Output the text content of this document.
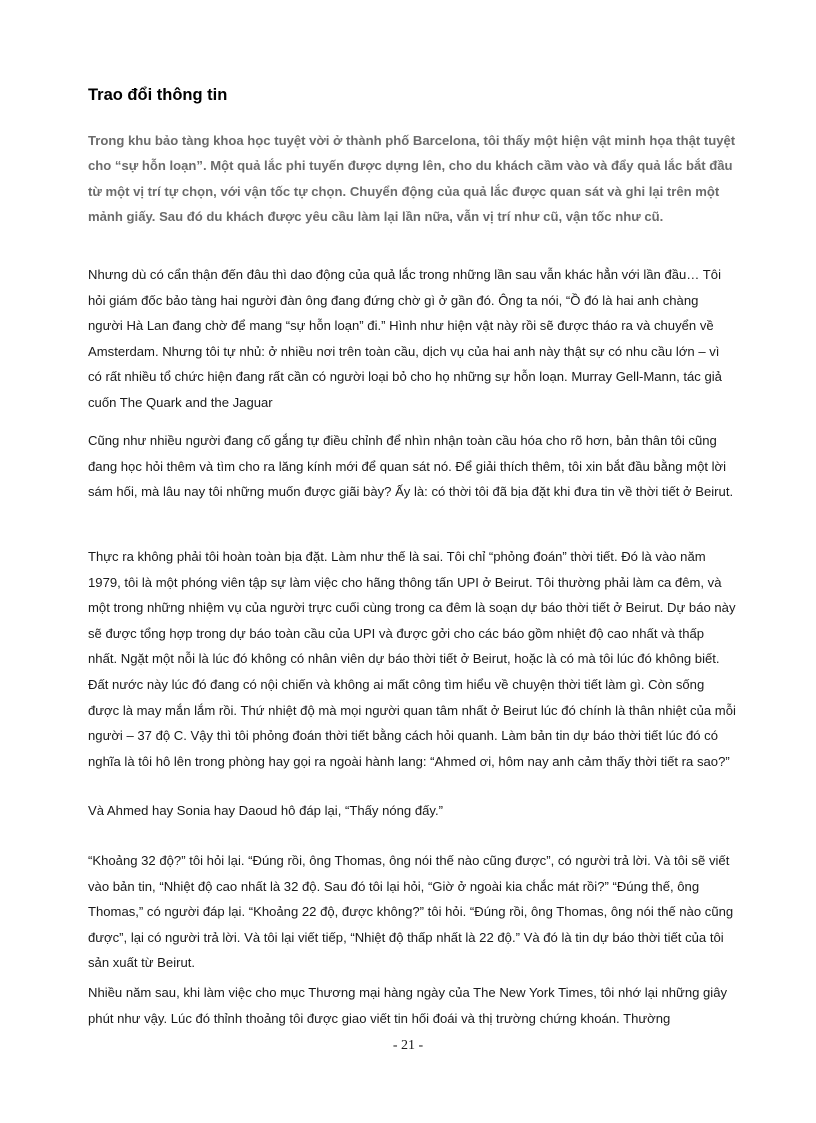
Trao đổi thông tin

Trong khu bảo tàng khoa học tuyệt vời ở thành phố Barcelona, tôi thấy một hiện vật minh họa thật tuyệt cho “sự hỗn loạn”. Một quả lắc phi tuyến được dựng lên, cho du khách cầm vào và đẩy quả lắc bắt đầu từ một vị trí tự chọn, với vận tốc tự chọn. Chuyển động của quả lắc được quan sát và ghi lại trên một mảnh giấy. Sau đó du khách được yêu cầu làm lại lần nữa, vẫn vị trí như cũ, vận tốc như cũ.

Nhưng dù có cẩn thận đến đâu thì dao động của quả lắc trong những lần sau vẫn khác hẳn với lần đầu… Tôi hỏi giám đốc bảo tàng hai người đàn ông đang đứng chờ gì ở gần đó. Ông ta nói, “Ồ đó là hai anh chàng người Hà Lan đang chờ để mang “sự hỗn loạn” đi.” Hình như hiện vật này rồi sẽ được tháo ra và chuyển về Amsterdam. Nhưng tôi tự nhủ: ở nhiều nơi trên toàn cầu, dịch vụ của hai anh này thật sự có nhu cầu lớn – vì có rất nhiều tổ chức hiện đang rất cần có người loại bỏ cho họ những sự hỗn loạn. Murray Gell-Mann, tác giả cuốn The Quark and the Jaguar

Cũng như nhiều người đang cố gắng tự điều chỉnh để nhìn nhận toàn cầu hóa cho rõ hơn, bản thân tôi cũng đang học hỏi thêm và tìm cho ra lăng kính mới để quan sát nó. Để giải thích thêm, tôi xin bắt đầu bằng một lời sám hối, mà lâu nay tôi những muốn được giãi bày? Ấy là: có thời tôi đã bịa đặt khi đưa tin về thời tiết ở Beirut.

Thực ra không phải tôi hoàn toàn bịa đặt. Làm như thế là sai. Tôi chỉ “phỏng đoán” thời tiết. Đó là vào năm 1979, tôi là một phóng viên tập sự làm việc cho hãng thông tấn UPI ở Beirut. Tôi thường phải làm ca đêm, và một trong những nhiệm vụ của người trực cuối cùng trong ca đêm là soạn dự báo thời tiết ở Beirut. Dự báo này sẽ được tổng hợp trong dự báo toàn cầu của UPI và được gởi cho các báo gồm nhiệt độ cao nhất và thấp nhất. Ngặt một nỗi là lúc đó không có nhân viên dự báo thời tiết ở Beirut, hoặc là có mà tôi lúc đó không biết. Đất nước này lúc đó đang có nội chiến và không ai mất công tìm hiểu về chuyện thời tiết làm gì. Còn sống được là may mắn lắm rồi. Thứ nhiệt độ mà mọi người quan tâm nhất ở Beirut lúc đó chính là thân nhiệt của mỗi người – 37 độ C. Vậy thì tôi phỏng đoán thời tiết bằng cách hỏi quanh. Làm bản tin dự báo thời tiết lúc đó có nghĩa là tôi hô lên trong phòng hay gọi ra ngoài hành lang: “Ahmed ơi, hôm nay anh cảm thấy thời tiết ra sao?”

Và Ahmed hay Sonia hay Daoud hô đáp lại, “Thấy nóng đấy.”

“Khoảng 32 độ?” tôi hỏi lại. “Đúng rồi, ông Thomas, ông nói thế nào cũng được”, có người trả lời. Và tôi sẽ viết vào bản tin, “Nhiệt độ cao nhất là 32 độ. Sau đó tôi lại hỏi, “Giờ ở ngoài kia chắc mát rồi?” “Đúng thế, ông Thomas,” có người đáp lại. “Khoảng 22 độ, được không?” tôi hỏi. “Đúng rồi, ông Thomas, ông nói thế nào cũng được”, lại có người trả lời. Và tôi lại viết tiếp, “Nhiệt độ thấp nhất là 22 độ.” Và đó là tin dự báo thời tiết của tôi sản xuất từ Beirut.

Nhiều năm sau, khi làm việc cho mục Thương mại hàng ngày của The New York Times, tôi nhớ lại những giây phút như vậy. Lúc đó thỉnh thoảng tôi được giao viết tin hối đoái và thị trường chứng khoán. Thường

- 21 -
